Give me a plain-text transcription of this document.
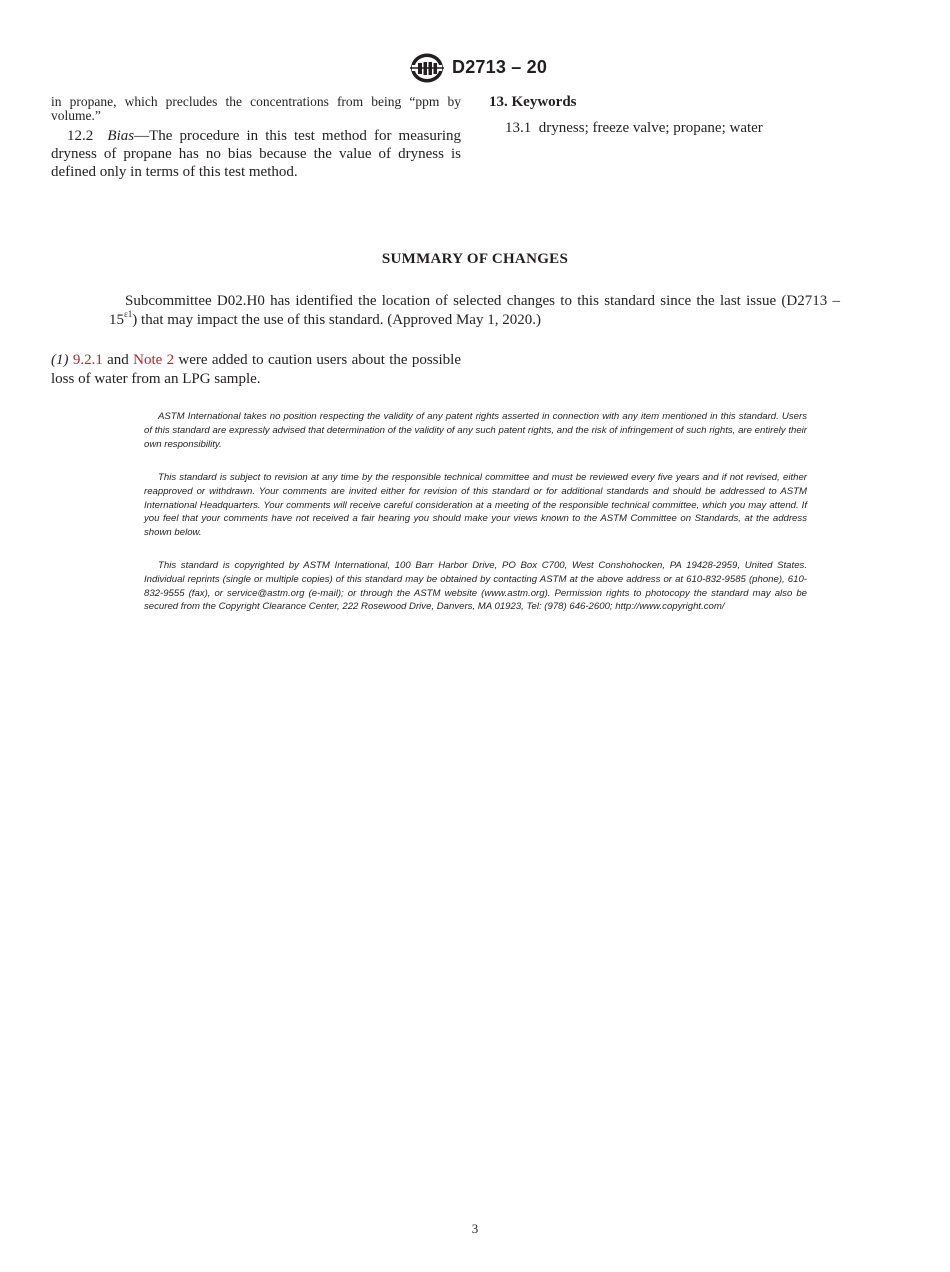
D2713 – 20

in propane, which precludes the concentrations from being “ppm by volume.”

12.2 Bias—The procedure in this test method for measuring dryness of propane has no bias because the value of dryness is defined only in terms of this test method.

13. Keywords

13.1 dryness; freeze valve; propane; water

SUMMARY OF CHANGES

Subcommittee D02.H0 has identified the location of selected changes to this standard since the last issue $(D2713 - 15^{\varepsilon 1})$ that may impact the use of this standard. (Approved May 1, 2020.)

(1) 9.2.1 and Note 2 were added to caution users about the possible loss of water from an LPG sample.

ASTM International takes no position respecting the validity of any patent rights asserted in connection with any item mentioned in this standard. Users of this standard are expressly advised that determination of the validity of any such patent rights, and the risk of infringement of such rights, are entirely their own responsibility.

This standard is subject to revision at any time by the responsible technical committee and must be reviewed every five years and if not revised, either reapproved or withdrawn. Your comments are invited either for revision of this standard or for additional standards and should be addressed to ASTM International Headquarters. Your comments will receive careful consideration at a meeting of the responsible technical committee, which you may attend. If you feel that your comments have not received a fair hearing you should make your views known to the ASTM Committee on Standards, at the address shown below.

This standard is copyrighted by ASTM International, 100 Barr Harbor Drive, PO Box C700, West Conshohocken, PA 19428-2959, United States. Individual reprints (single or multiple copies) of this standard may be obtained by contacting ASTM at the above address or at 610-832-9585 (phone), 610-832-9555 (fax), or service@astm.org (e-mail); or through the ASTM website (www.astm.org). Permission rights to photocopy the standard may also be secured from the Copyright Clearance Center, 222 Rosewood Drive, Danvers, MA 01923, Tel: (978) 646-2600; http://www.copyright.com/

3
